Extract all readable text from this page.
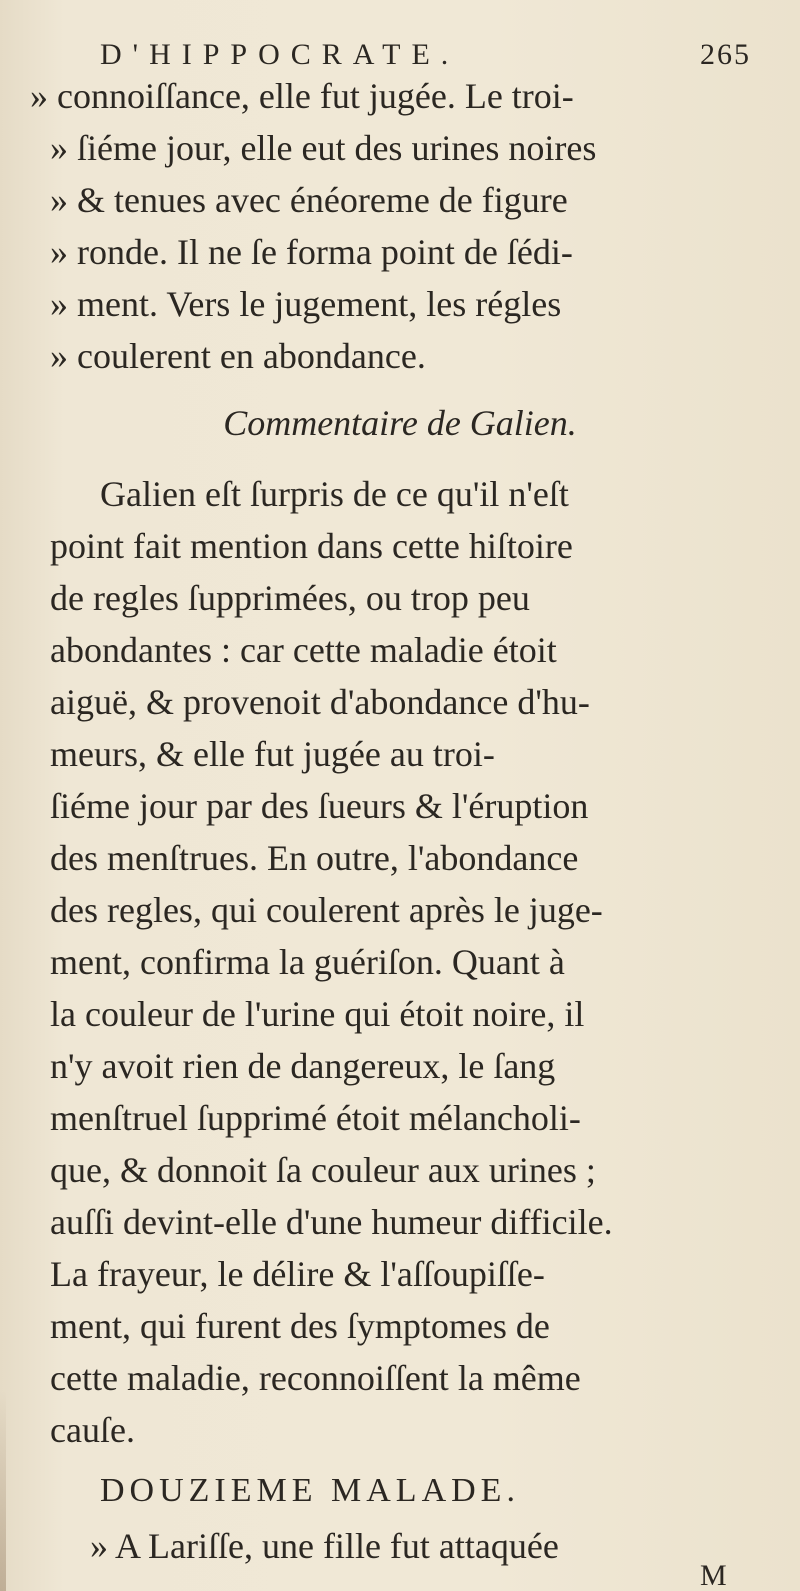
D'HIPPOCRATE.	265
» connoiſſance, elle fut jugée. Le troi-
» ſiéme jour, elle eut des urines noires
» & tenues avec énéoreme de figure
» ronde. Il ne ſe forma point de ſédi-
» ment. Vers le jugement, les régles
» coulerent en abondance.
Commentaire de Galien.
Galien eſt ſurpris de ce qu'il n'eſt
point fait mention dans cette hiſtoire
de regles ſupprimées, ou trop peu
abondantes : car cette maladie étoit
aiguë, & provenoit d'abondance d'hu-
meurs, & elle fut jugée au troi-
ſiéme jour par des ſueurs & l'éruption
des menſtrues. En outre, l'abondance
des regles, qui coulerent après le juge-
ment, confirma la guériſon. Quant à
la couleur de l'urine qui étoit noire, il
n'y avoit rien de dangereux, le ſang
menſtruel ſupprimé étoit mélancholi-
que, & donnoit ſa couleur aux urines ;
auſſi devint-elle d'une humeur difficile.
La frayeur, le délire & l'aſſoupiſſe-
ment, qui furent des ſymptomes de
cette maladie, reconnoiſſent la même
cauſe.
DOUZIEME MALADE.
» A Lariſſe, une fille fut attaquée
M
